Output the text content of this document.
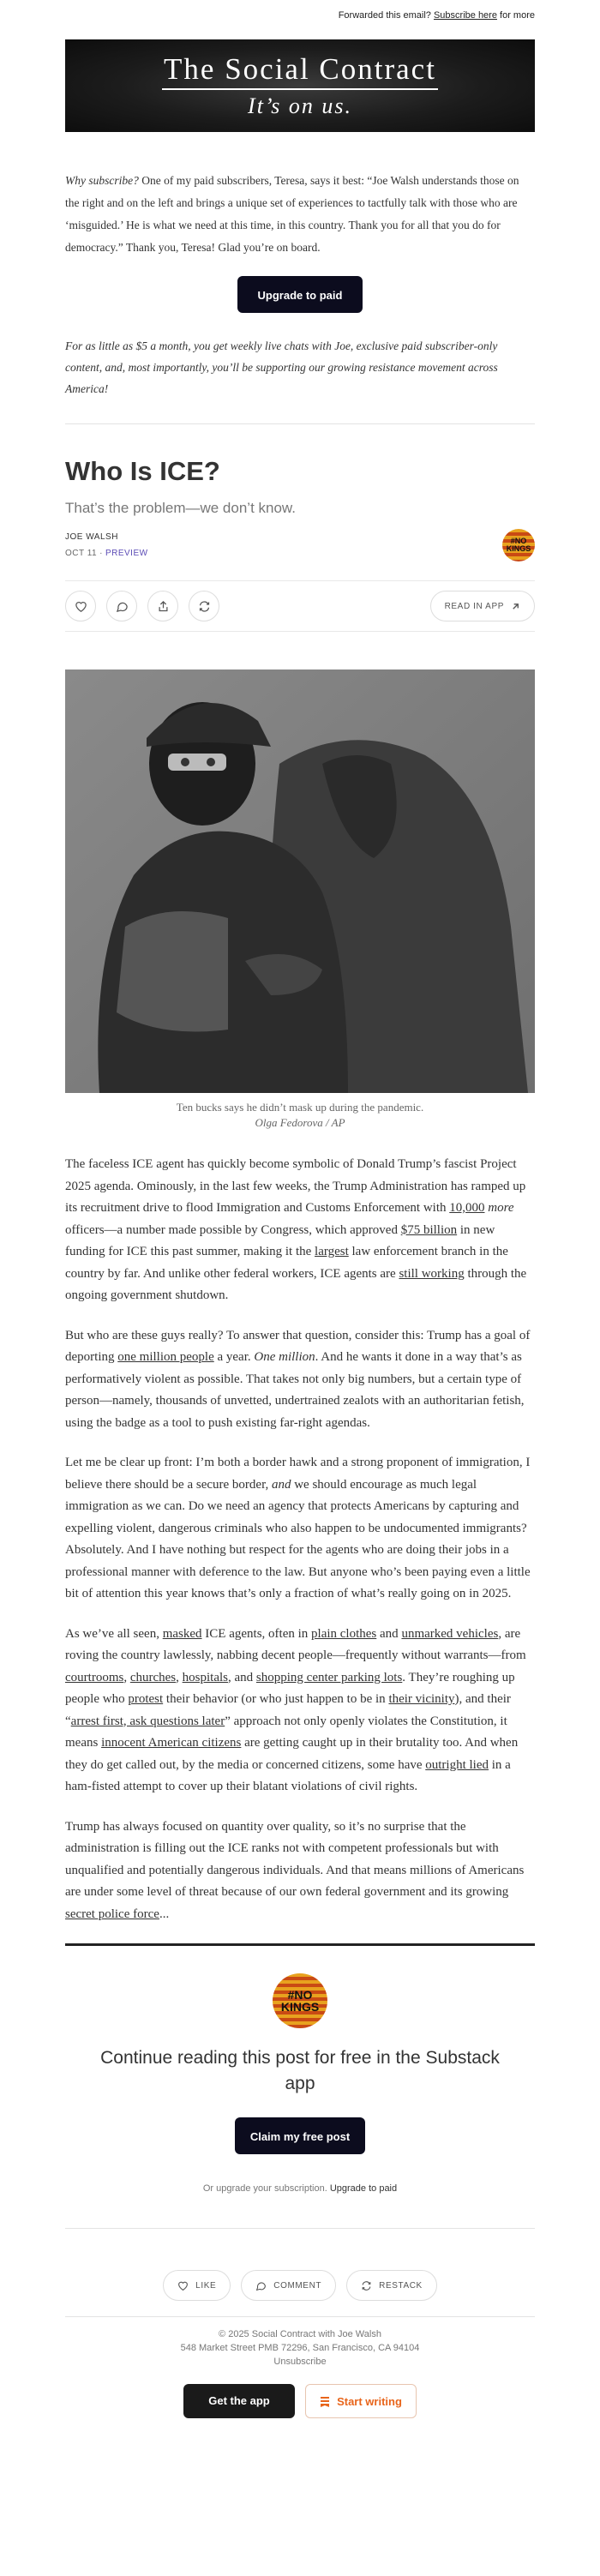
Forwarded this email? Subscribe here for more
The Social Contract
It’s on us.

Why subscribe? One of my paid subscribers, Teresa, says it best: “Joe Walsh understands those on the right and on the left and brings a unique set of experiences to tactfully talk with those who are ‘misguided.’ He is what we need at this time, in this country. Thank you for all that you do for democracy.” Thank you, Teresa! Glad you’re on board.

Upgrade to paid

For as little as $5 a month, you get weekly live chats with Joe, exclusive paid subscriber-only content, and, most importantly, you’ll be supporting our growing resistance movement across America!

Who Is ICE?
That’s the problem—we don’t know.
JOE WALSH
OCT 11 ∙ PREVIEW
#NO KINGS
READ IN APP
Ten bucks says he didn’t mask up during the pandemic.
Olga Fedorova / AP

The faceless ICE agent has quickly become symbolic of Donald Trump’s fascist Project 2025 agenda. Ominously, in the last few weeks, the Trump Administration has ramped up its recruitment drive to flood Immigration and Customs Enforcement with 10,000 more officers—a number made possible by Congress, which approved $75 billion in new funding for ICE this past summer, making it the largest law enforcement branch in the country by far. And unlike other federal workers, ICE agents are still working through the ongoing government shutdown.

But who are these guys really? To answer that question, consider this: Trump has a goal of deporting one million people a year. One million. And he wants it done in a way that’s as performatively violent as possible. That takes not only big numbers, but a certain type of person—namely, thousands of unvetted, undertrained zealots with an authoritarian fetish, using the badge as a tool to push existing far-right agendas.

Let me be clear up front: I’m both a border hawk and a strong proponent of immigration, I believe there should be a secure border, and we should encourage as much legal immigration as we can. Do we need an agency that protects Americans by capturing and expelling violent, dangerous criminals who also happen to be undocumented immigrants? Absolutely. And I have nothing but respect for the agents who are doing their jobs in a professional manner with deference to the law. But anyone who’s been paying even a little bit of attention this year knows that’s only a fraction of what’s really going on in 2025.

As we’ve all seen, masked ICE agents, often in plain clothes and unmarked vehicles, are roving the country lawlessly, nabbing decent people—frequently without warrants—from courtrooms, churches, hospitals, and shopping center parking lots. They’re roughing up people who protest their behavior (or who just happen to be in their vicinity), and their “arrest first, ask questions later” approach not only openly violates the Constitution, it means innocent American citizens are getting caught up in their brutality too. And when they do get called out, by the media or concerned citizens, some have outright lied in a ham-fisted attempt to cover up their blatant violations of civil rights.

Trump has always focused on quantity over quality, so it’s no surprise that the administration is filling out the ICE ranks not with competent professionals but with unqualified and potentially dangerous individuals. And that means millions of Americans are under some level of threat because of our own federal government and its growing secret police force...

#NO KINGS
Continue reading this post for free in the Substack app
Claim my free post
Or upgrade your subscription. Upgrade to paid
LIKE	COMMENT	RESTACK
© 2025 Social Contract with Joe Walsh
548 Market Street PMB 72296, San Francisco, CA 94104
Unsubscribe
Get the app	Start writing
